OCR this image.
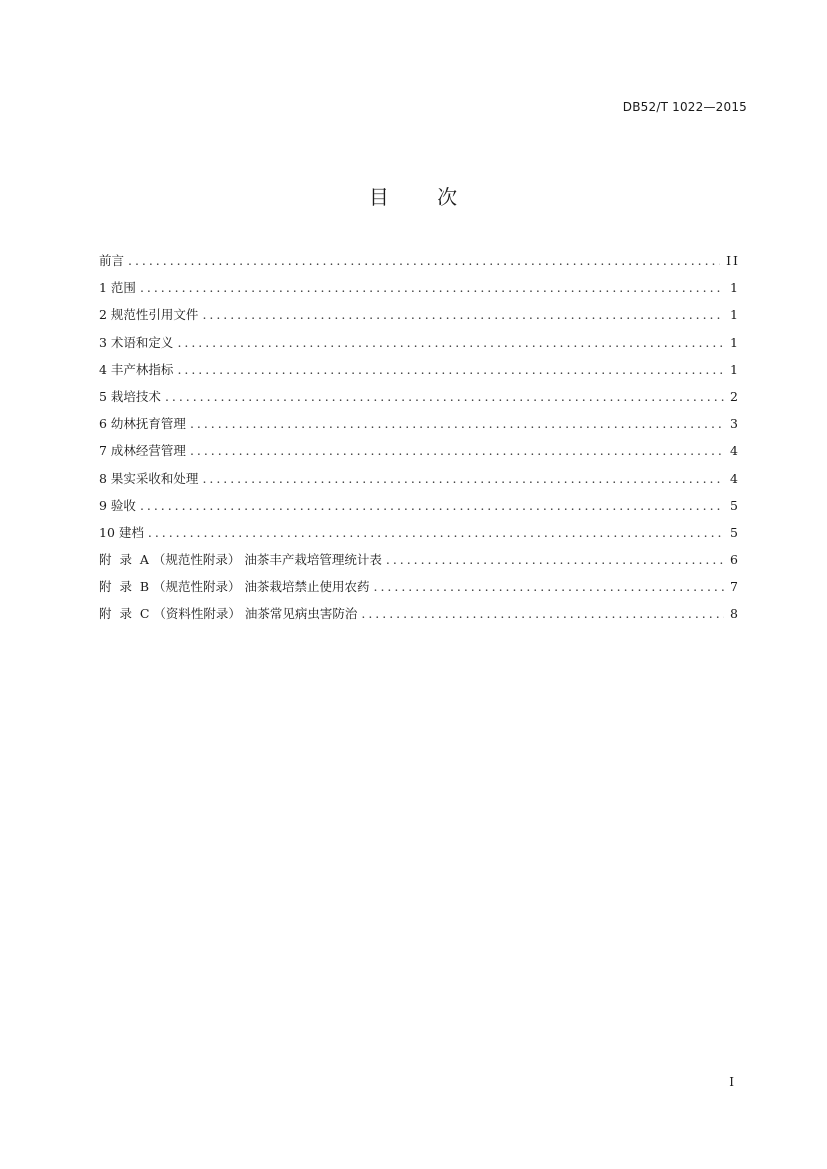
DB52/T 1022—2015
目 次
前言 . . .	II
1 范围 . . .	1
2 规范性引用文件 . . .	1
3 术语和定义 . . .	1
4 丰产林指标 . . .	1
5 栽培技术 . . .	2
6 幼林抚育管理 . . .	3
7 成林经营管理 . . .	4
8 果实采收和处理 . . .	4
9 验收 . . .	5
10 建档 . . .	5
附  录  A （规范性附录） 油茶丰产栽培管理统计表 . . .	6
附  录  B （规范性附录） 油茶栽培禁止使用农药 . . .	7
附  录  C （资料性附录） 油茶常见病虫害防治 . . .	8
I
